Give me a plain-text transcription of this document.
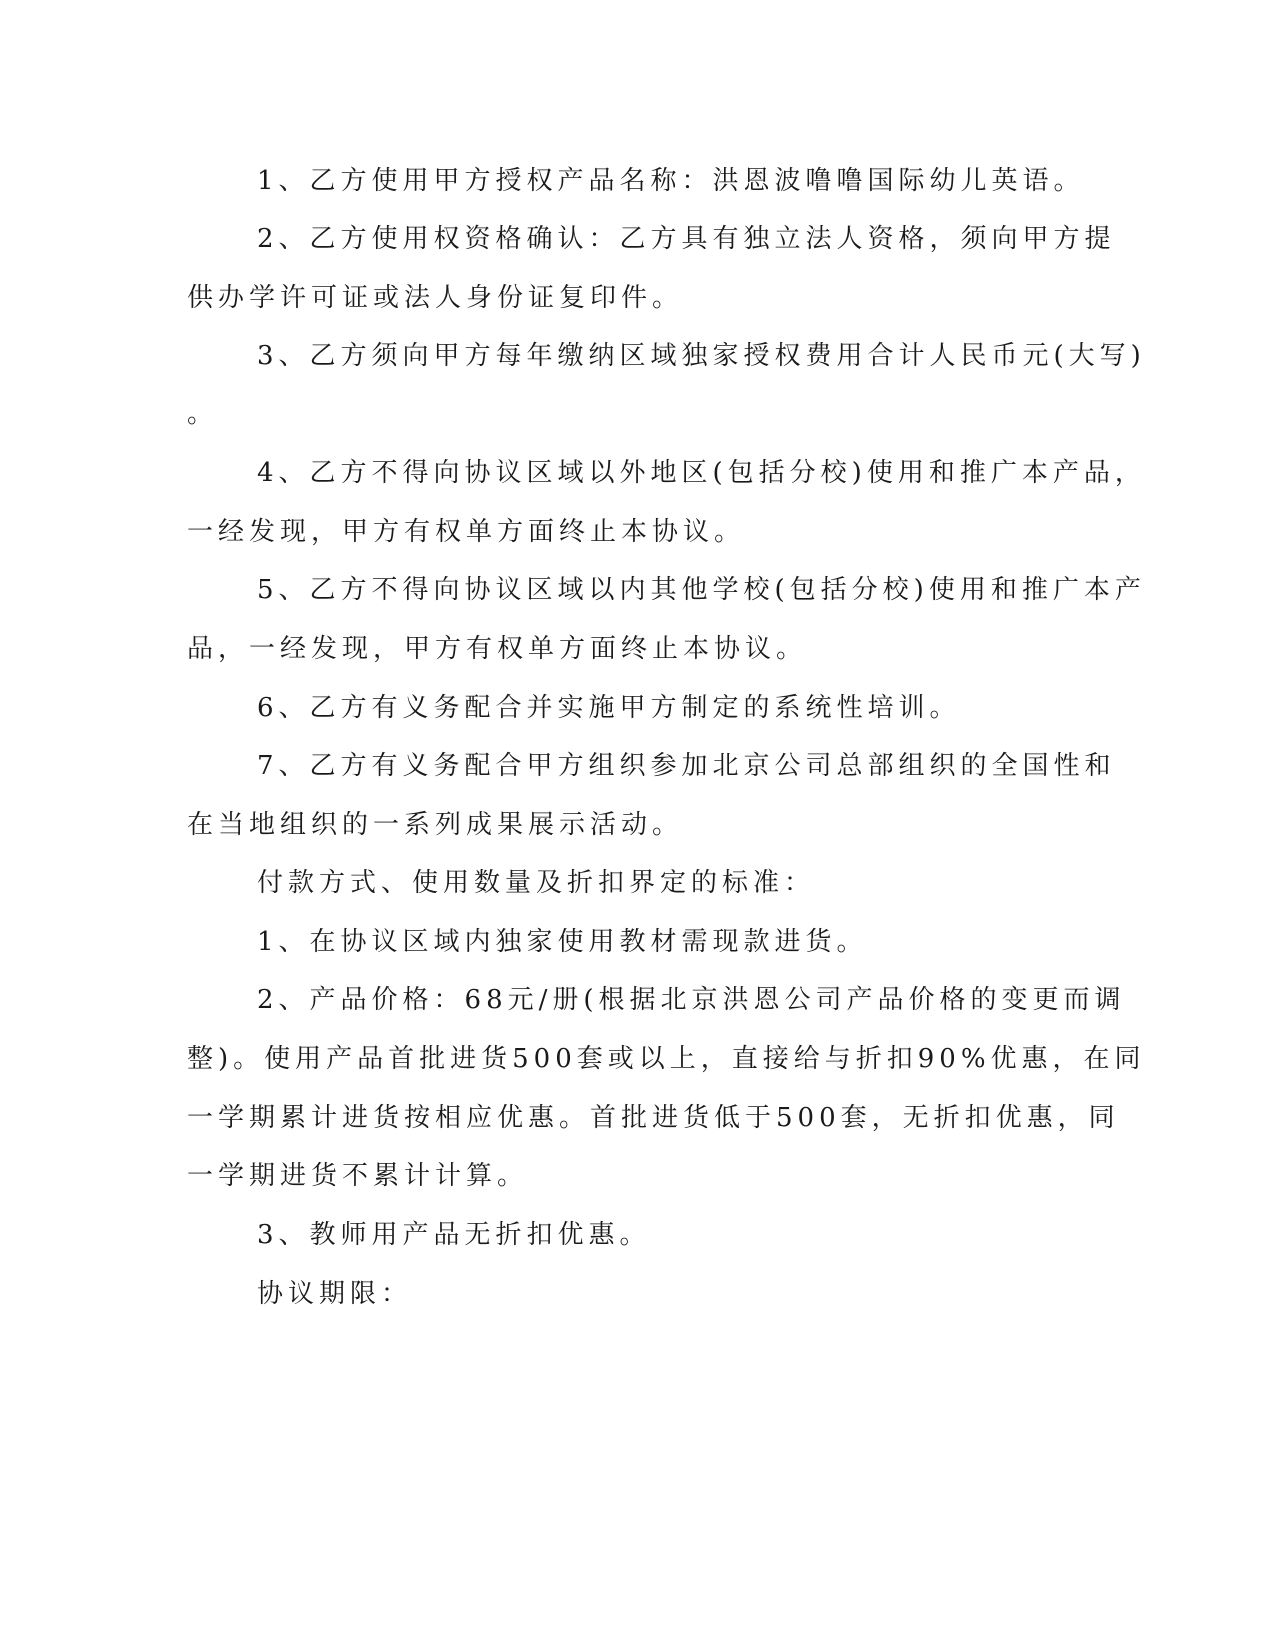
1、乙方使用甲方授权产品名称：洪恩波噜噜国际幼儿英语。

2、乙方使用权资格确认：乙方具有独立法人资格，须向甲方提

供办学许可证或法人身份证复印件。

3、乙方须向甲方每年缴纳区域独家授权费用合计人民币元(大写)

。

4、乙方不得向协议区域以外地区(包括分校)使用和推广本产品，

一经发现，甲方有权单方面终止本协议。

5、乙方不得向协议区域以内其他学校(包括分校)使用和推广本产

品，一经发现，甲方有权单方面终止本协议。

6、乙方有义务配合并实施甲方制定的系统性培训。

7、乙方有义务配合甲方组织参加北京公司总部组织的全国性和

在当地组织的一系列成果展示活动。

付款方式、使用数量及折扣界定的标准：

1、在协议区域内独家使用教材需现款进货。

2、产品价格：68元/册(根据北京洪恩公司产品价格的变更而调

整)。使用产品首批进货500套或以上，直接给与折扣90%优惠，在同

一学期累计进货按相应优惠。首批进货低于500套，无折扣优惠，同

一学期进货不累计计算。

3、教师用产品无折扣优惠。

协议期限：
